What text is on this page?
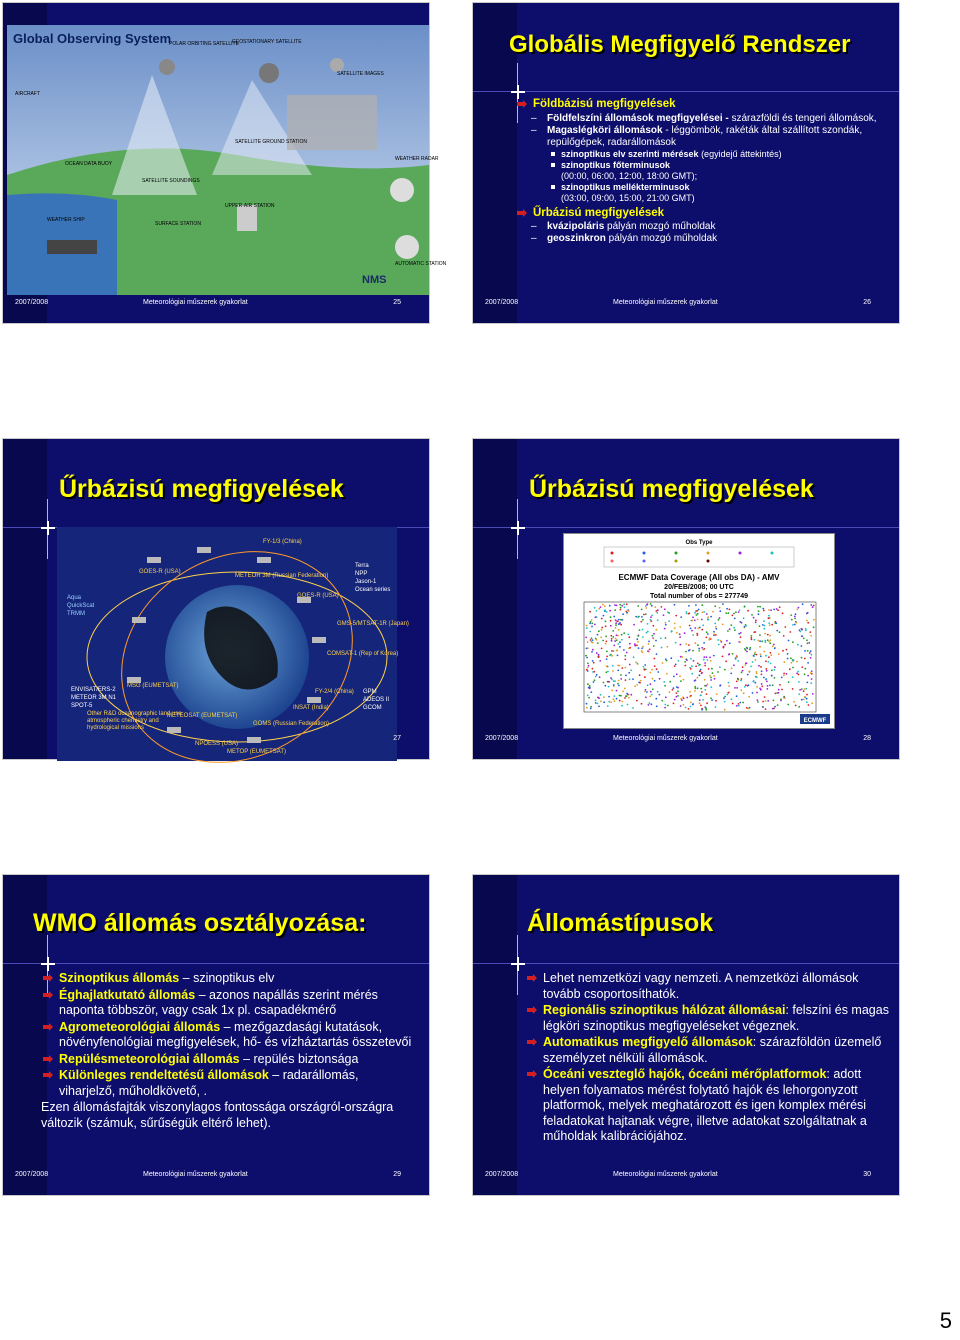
Global Observing System
POLAR ORBITING SATELLITE
GEOSTATIONARY SATELLITE
SATELLITE IMAGES
AIRCRAFT
OCEAN DATA BUOY
SATELLITE SOUNDINGS
SATELLITE GROUND STATION
WEATHER RADAR
WEATHER SHIP
SURFACE STATION
UPPER-AIR STATION
AUTOMATIC STATION
NMS
2007/2008	Meteorológiai műszerek gyakorlat	25
Globális Megfigyelő Rendszer
Földbázisú megfigyelések
– Földfelszíni állomások megfigyelései - szárazföldi és tengeri állomások,
– Magaslégköri állomások - léggömbök, rakéták által szállított szondák, repülőgépek, radarállomások
szinoptikus elv szerinti mérések (egyidejű áttekintés)
szinoptikus főterminusok
(00:00, 06:00, 12:00, 18:00 GMT);
szinoptikus mellékterminusok
(03:00, 09:00, 15:00, 21:00 GMT)
Űrbázisú megfigyelések
– kvázipoláris pályán mozgó műholdak
– geoszinkron pályán mozgó műholdak
2007/2008	Meteorológiai műszerek gyakorlat	26
Űrbázisú megfigyelések
FY-1/3 (China)
Terra
NPP
Jason-1
Ocean series
GOES-R (USA)
METEOR 3M (Russian Federation)
GOES-R (USA)
Aqua
QuickScat
TRMM
GMS-5/MTSAT-1R (Japan)
COMSAT-1 (Rep of Korea)
ENVISAT/ERS-2
METEOR 3M N1
SPOT-5
MSG (EUMETSAT)
FY-2/4 (China) GPM
ADEOS II
GCOM
METEOSAT (EUMETSAT)
GOMS (Russian Federation)
INSAT (India)
NPOESS (USA)
METOP (EUMETSAT)
Other R&D oceanographic land use atmospheric chemistry and hydrological missions
27
Űrbázisú megfigyelések
Obs Type
ECMWF Data Coverage (All obs DA) - AMV
20/FEB/2008; 00 UTC
Total number of obs = 277749
ECMWF
2007/2008	Meteorológiai műszerek gyakorlat	28
WMO állomás osztályozása:
Szinoptikus állomás – szinoptikus elv
Éghajlatkutató állomás – azonos napállás szerint mérés naponta többször, vagy csak 1x pl. csapadékmérő
Agrometeorológiai állomás – mezőgazdasági kutatások, növényfenológiai megfigyelések, hő- és vízháztartás összetevői
Repülésmeteorológiai állomás – repülés biztonsága
Különleges rendeltetésű állomások – radarállomás, viharjelző, műholdkövető, .
Ezen állomásfajták viszonylagos fontossága országról-országra változik (számuk, sűrűségük eltérő lehet).
2007/2008	Meteorológiai műszerek gyakorlat	29
Állomástípusok
Lehet nemzetközi vagy nemzeti. A nemzetközi állomások tovább csoportosíthatók.
Regionális szinoptikus hálózat állomásai: felszíni és magas légköri szinoptikus megfigyeléseket végeznek.
Automatikus megfigyelő állomások: szárazföldön üzemelő személyzet nélküli állomások.
Óceáni veszteglő hajók, óceáni mérőplatformok: adott helyen folyamatos mérést folytató hajók és lehorgonyzott platformok, melyek meghatározott és igen komplex mérési feladatokat hajtanak végre, illetve adatokat szolgáltatnak a műholdak kalibrációjához.
2007/2008	Meteorológiai műszerek gyakorlat	30
5
